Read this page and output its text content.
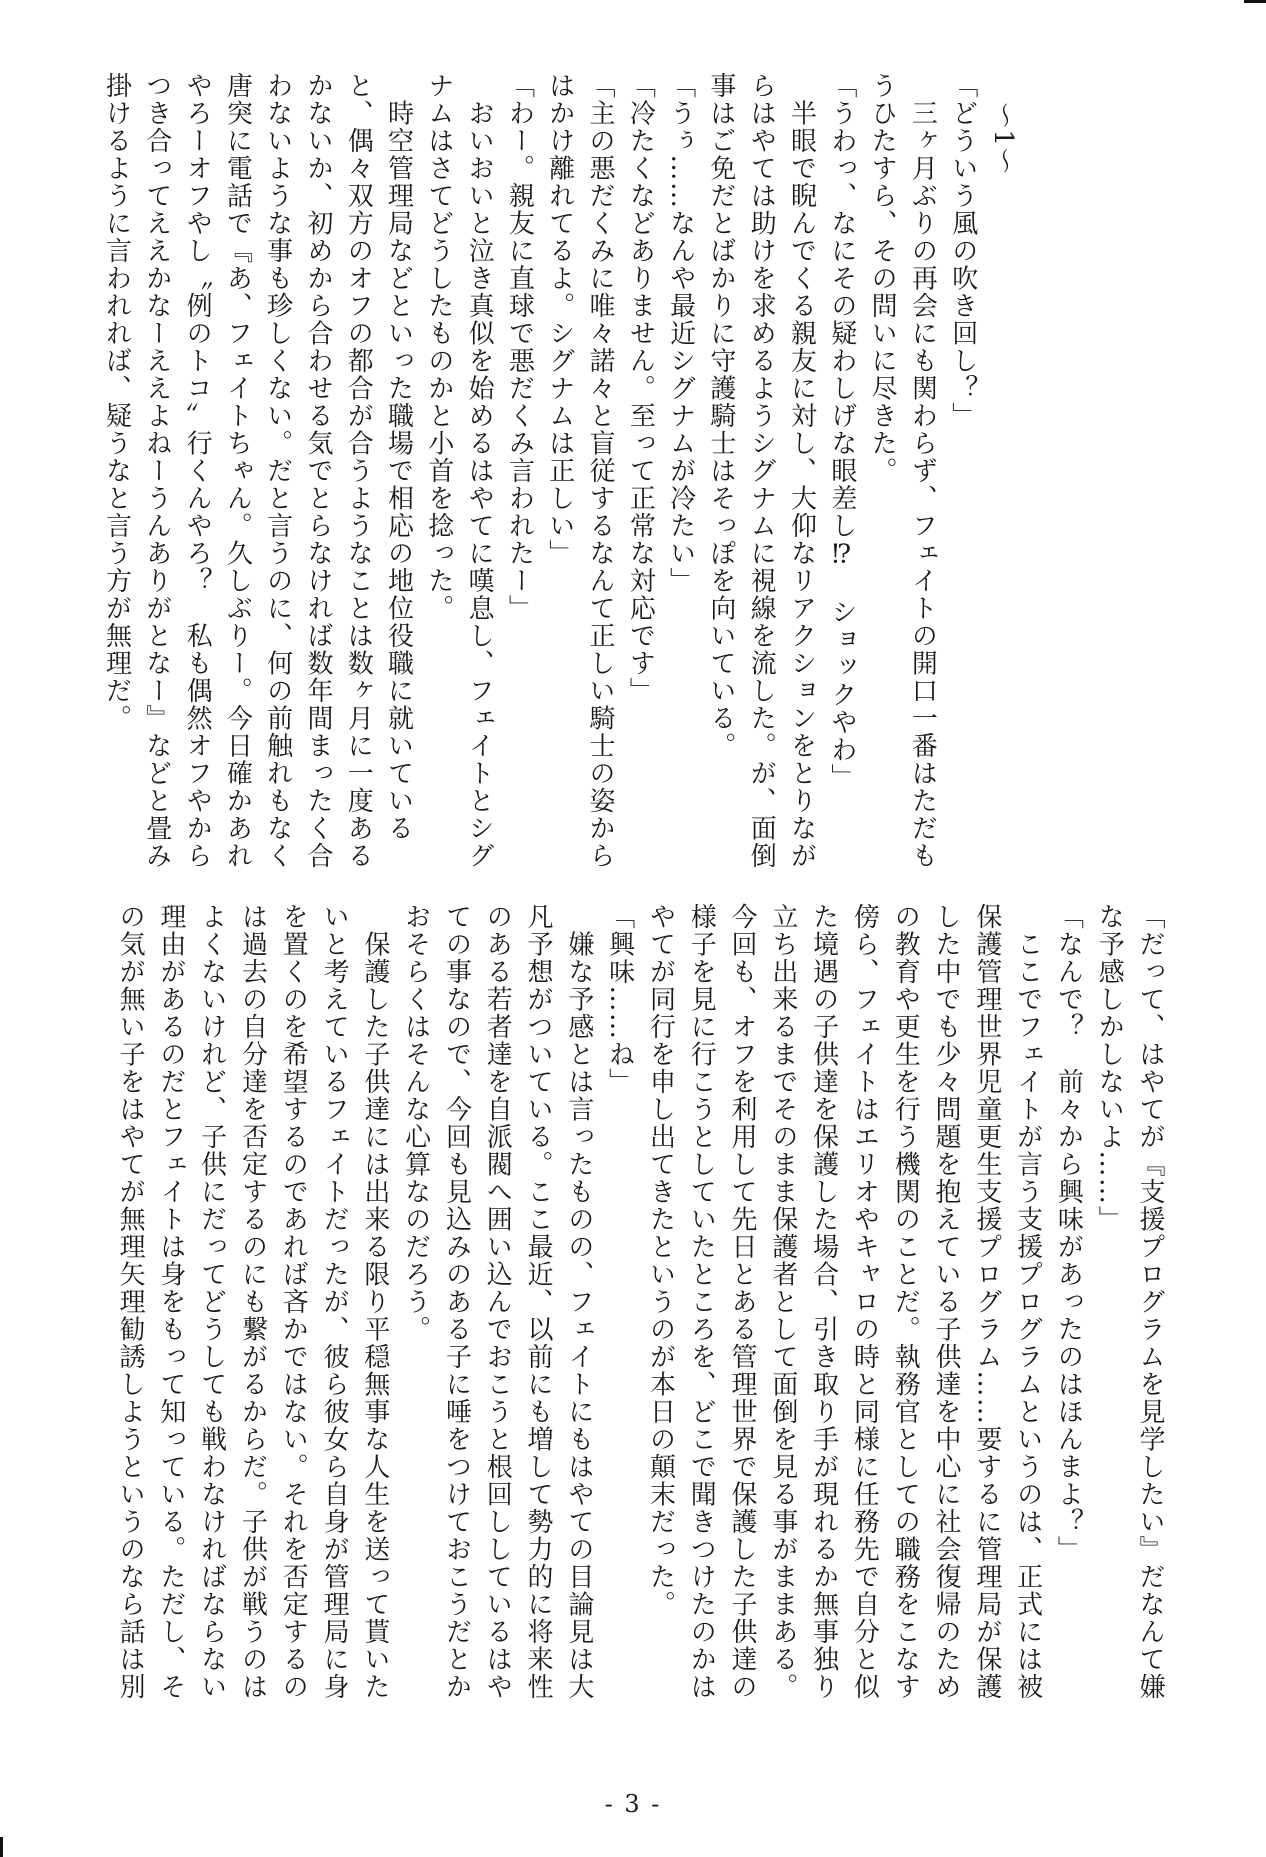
～1～
「どういう風の吹き回し？」
　三ヶ月ぶりの再会にも関わらず、フェイトの開口一番はただも
うひたすら、その問いに尽きた。
「うわっ、なにその疑わしげな眼差し⁉　ショックやわ」
　半眼で睨んでくる親友に対し、大仰なリアクションをとりなが
らはやては助けを求めるようシグナムに視線を流した。が、面倒
事はご免だとばかりに守護騎士はそっぽを向いている。
「うぅ……なんや最近シグナムが冷たい」
「冷たくなどありません。至って正常な対応です」
「主の悪だくみに唯々諾々と盲従するなんて正しい騎士の姿から
はかけ離れてるよ。シグナムは正しい」
「わー。親友に直球で悪だくみ言われたー」
　おいおいと泣き真似を始めるはやてに嘆息し、フェイトとシグ
ナムはさてどうしたものかと小首を捻った。
　時空管理局などといった職場で相応の地位役職に就いている
と、偶々双方のオフの都合が合うようなことは数ヶ月に一度ある
かないか、初めから合わせる気でとらなければ数年間まったく合
わないような事も珍しくない。だと言うのに、何の前触れもなく
唐突に電話で『あ、フェイトちゃん。久しぶりー。今日確かあれ
やろーオフやし〝例のトコ〟行くんやろ？　私も偶然オフやから
つき合ってええかなーええよねーうんありがとなー』などと畳み
掛けるように言われれば、疑うなと言う方が無理だ。
「だって、はやてが『支援プログラムを見学したい』だなんて嫌
な予感しかしないよ……」
「なんで？　前々から興味があったのはほんまよ？」
　ここでフェイトが言う支援プログラムというのは、正式には被
保護管理世界児童更生支援プログラム……要するに管理局が保護
した中でも少々問題を抱えている子供達を中心に社会復帰のため
の教育や更生を行う機関のことだ。執務官としての職務をこなす
傍ら、フェイトはエリオやキャロの時と同様に任務先で自分と似
た境遇の子供達を保護した場合、引き取り手が現れるか無事独り
立ち出来るまでそのまま保護者として面倒を見る事がままある。
今回も、オフを利用して先日とある管理世界で保護した子供達の
様子を見に行こうとしていたところを、どこで聞きつけたのかは
やてが同行を申し出てきたというのが本日の顛末だった。
「興味……ね」
　嫌な予感とは言ったものの、フェイトにもはやての目論見は大
凡予想がついている。ここ最近、以前にも増して勢力的に将来性
のある若者達を自派閥へ囲い込んでおこうと根回ししているはや
ての事なので、今回も見込みのある子に唾をつけておこうだとか
おそらくはそんな心算なのだろう。
　保護した子供達には出来る限り平穏無事な人生を送って貰いた
いと考えているフェイトだったが、彼ら彼女ら自身が管理局に身
を置くのを希望するのであれば吝かではない。それを否定するの
は過去の自分達を否定するのにも繋がるからだ。子供が戦うのは
よくないけれど、子供にだってどうしても戦わなければならない
理由があるのだとフェイトは身をもって知っている。ただし、そ
の気が無い子をはやてが無理矢理勧誘しようというのなら話は別
- 3 -
